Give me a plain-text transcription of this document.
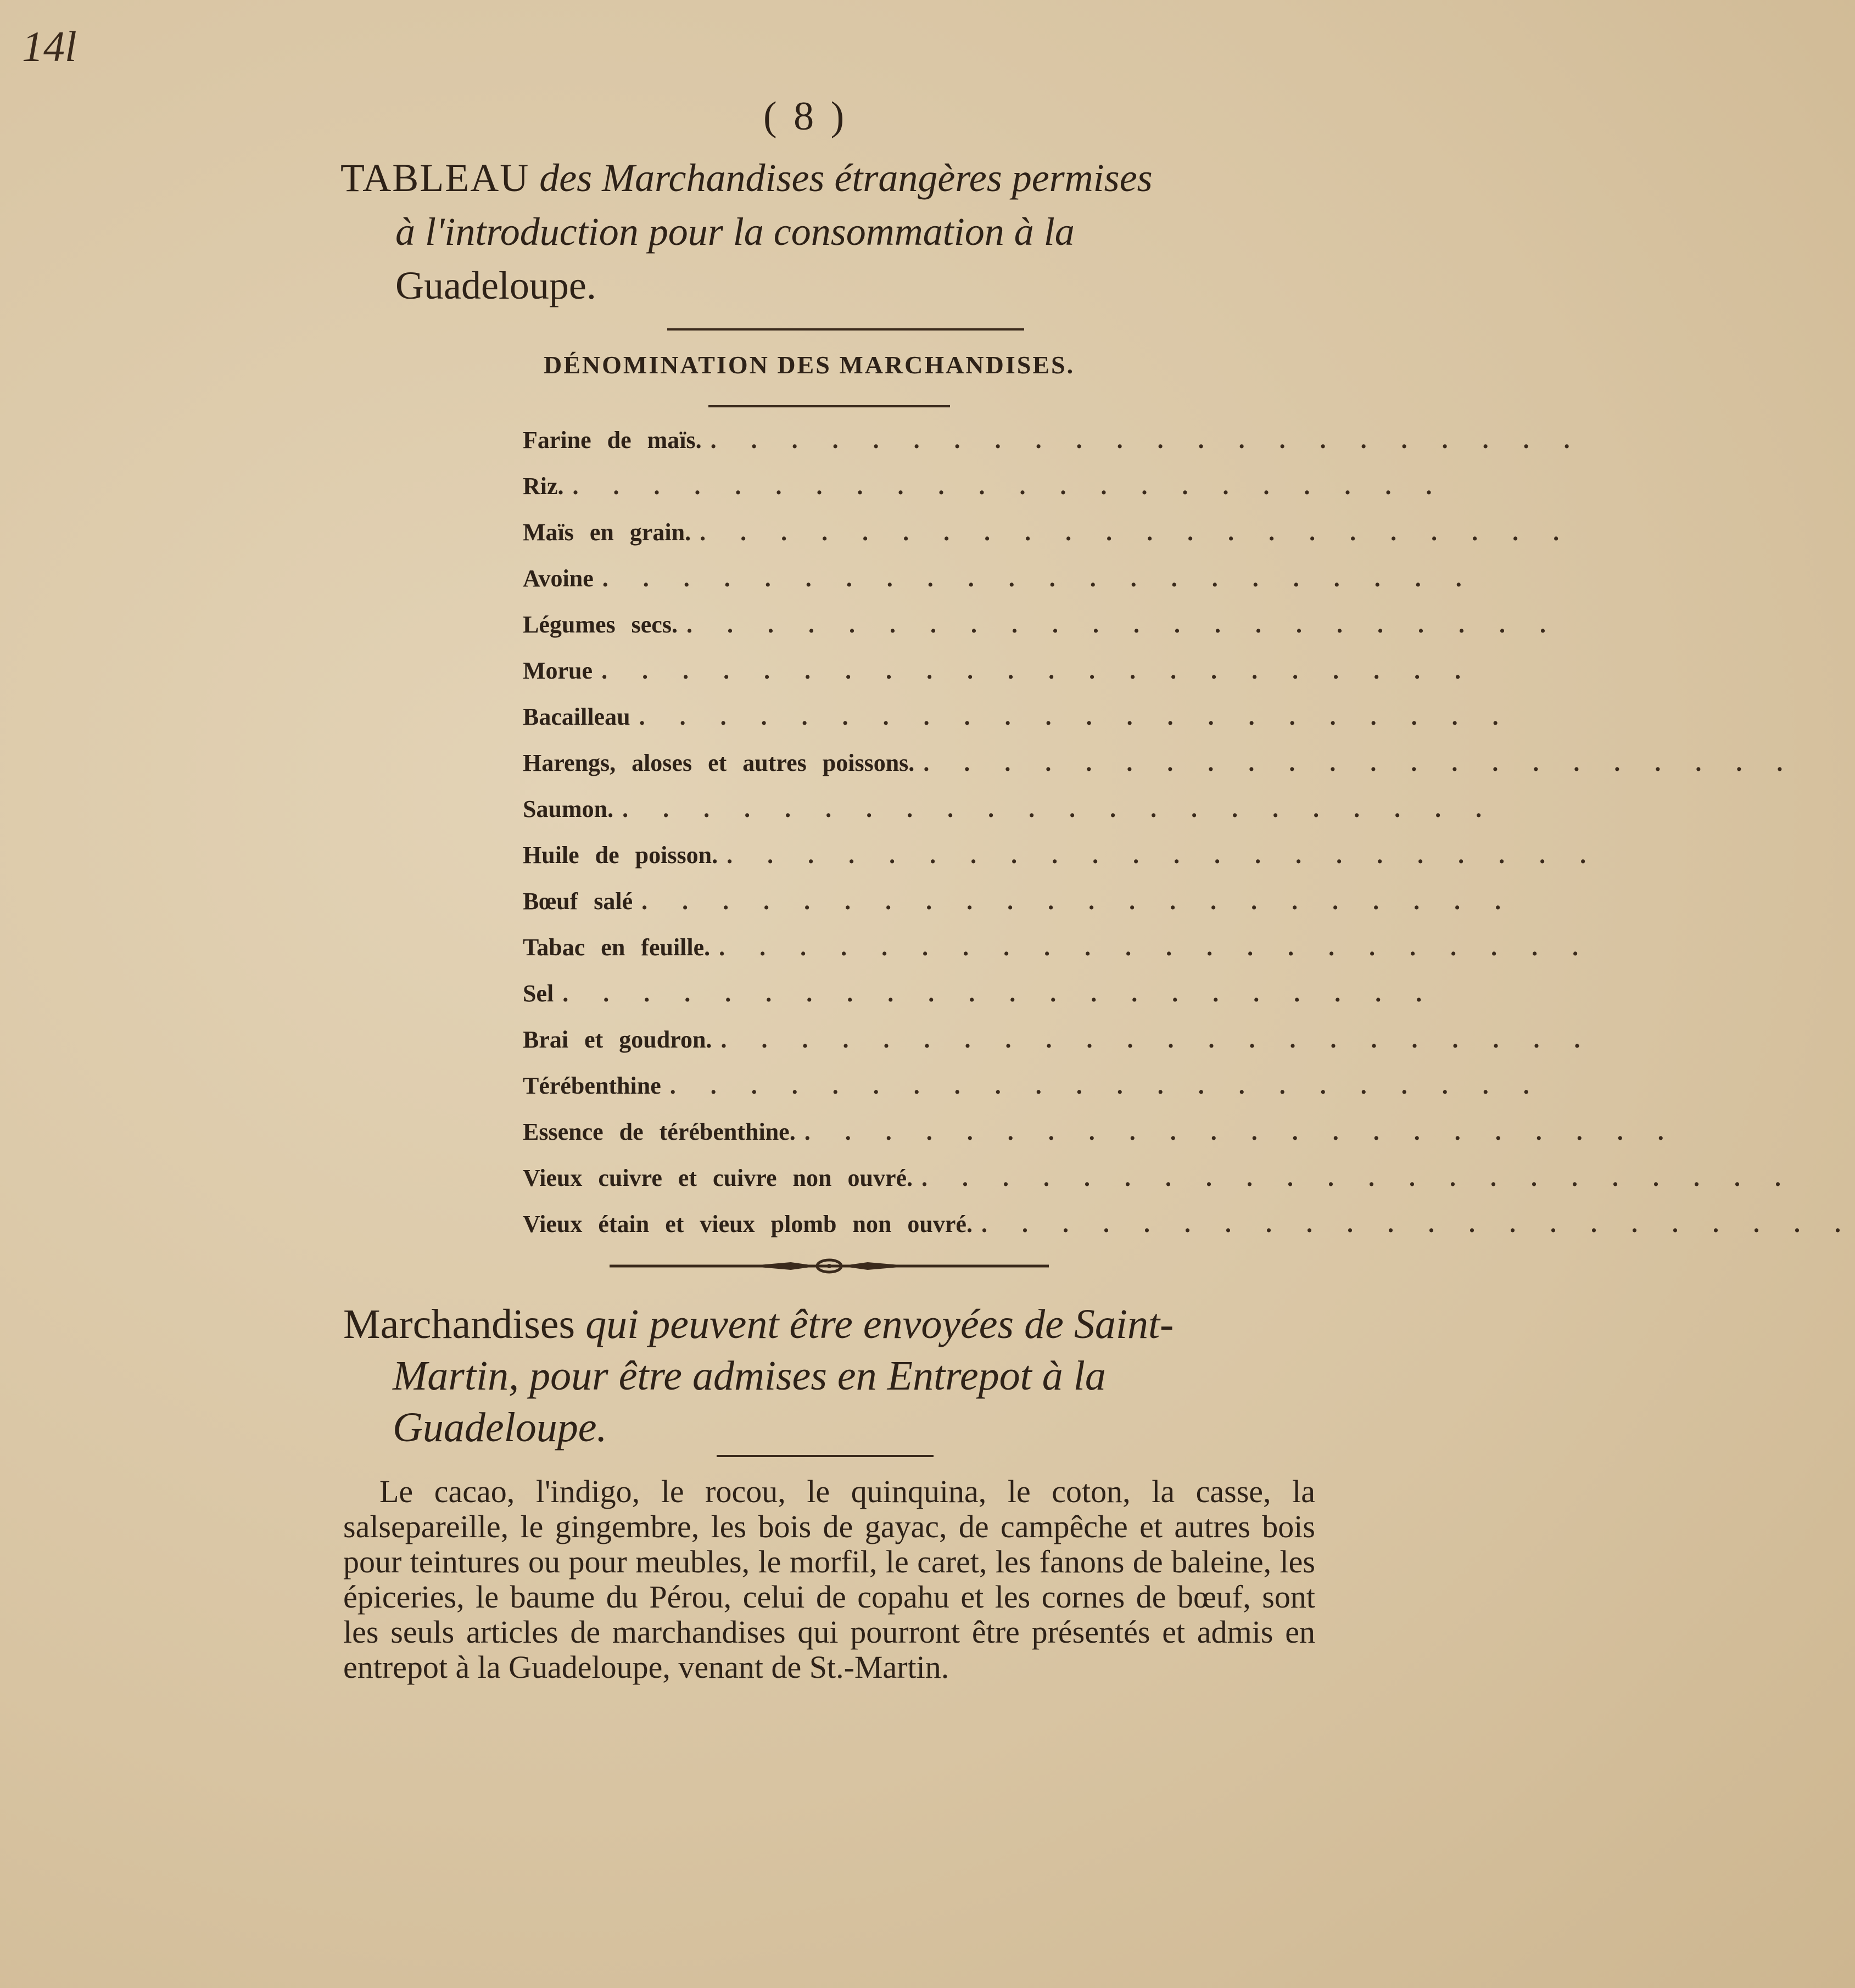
14l
( 8 )
TABLEAU des Marchandises étrangères permises
à l'introduction pour la consommation à la
Guadeloupe.
DÉNOMINATION DES MARCHANDISES.
Farine de maïs. . . . . . . . . . . . . . . . . . . . . . .
Riz. . . . . . . . . . . . . . . . . . . . . . .
Maïs en grain. . . . . . . . . . . . . . . . . . . . . . .
Avoine . . . . . . . . . . . . . . . . . . . . . .
Légumes secs. . . . . . . . . . . . . . . . . . . . . . .
Morue . . . . . . . . . . . . . . . . . . . . . .
Bacailleau . . . . . . . . . . . . . . . . . . . . . .
Harengs, aloses et autres poissons. . . . . . . . . . . . . . . . . . . . . . .
Saumon. . . . . . . . . . . . . . . . . . . . . . .
Huile de poisson. . . . . . . . . . . . . . . . . . . . . . .
Bœuf salé . . . . . . . . . . . . . . . . . . . . . .
Tabac en feuille. . . . . . . . . . . . . . . . . . . . . . .
Sel . . . . . . . . . . . . . . . . . . . . . .
Brai et goudron. . . . . . . . . . . . . . . . . . . . . . .
Térébenthine . . . . . . . . . . . . . . . . . . . . . .
Essence de térébenthine. . . . . . . . . . . . . . . . . . . . . . .
Vieux cuivre et cuivre non ouvré. . . . . . . . . . . . . . . . . . . . . . .
Vieux étain et vieux plomb non ouvré. . . . . . . . . . . . . . . . . . . . . . .
Marchandises qui peuvent être envoyées de Saint-
Martin, pour être admises en Entrepot à la
Guadeloupe.

Le cacao, l'indigo, le rocou, le quinquina, le coton, la casse, la salsepareille, le gingembre, les bois de gayac, de campêche et autres bois pour teintures ou pour meubles, le morfil, le caret, les fanons de baleine, les épiceries, le baume du Pérou, celui de copahu et les cornes de bœuf, sont les seuls articles de marchandises qui pourront être présentés et admis en entrepot à la Guadeloupe, venant de St.-Martin.
